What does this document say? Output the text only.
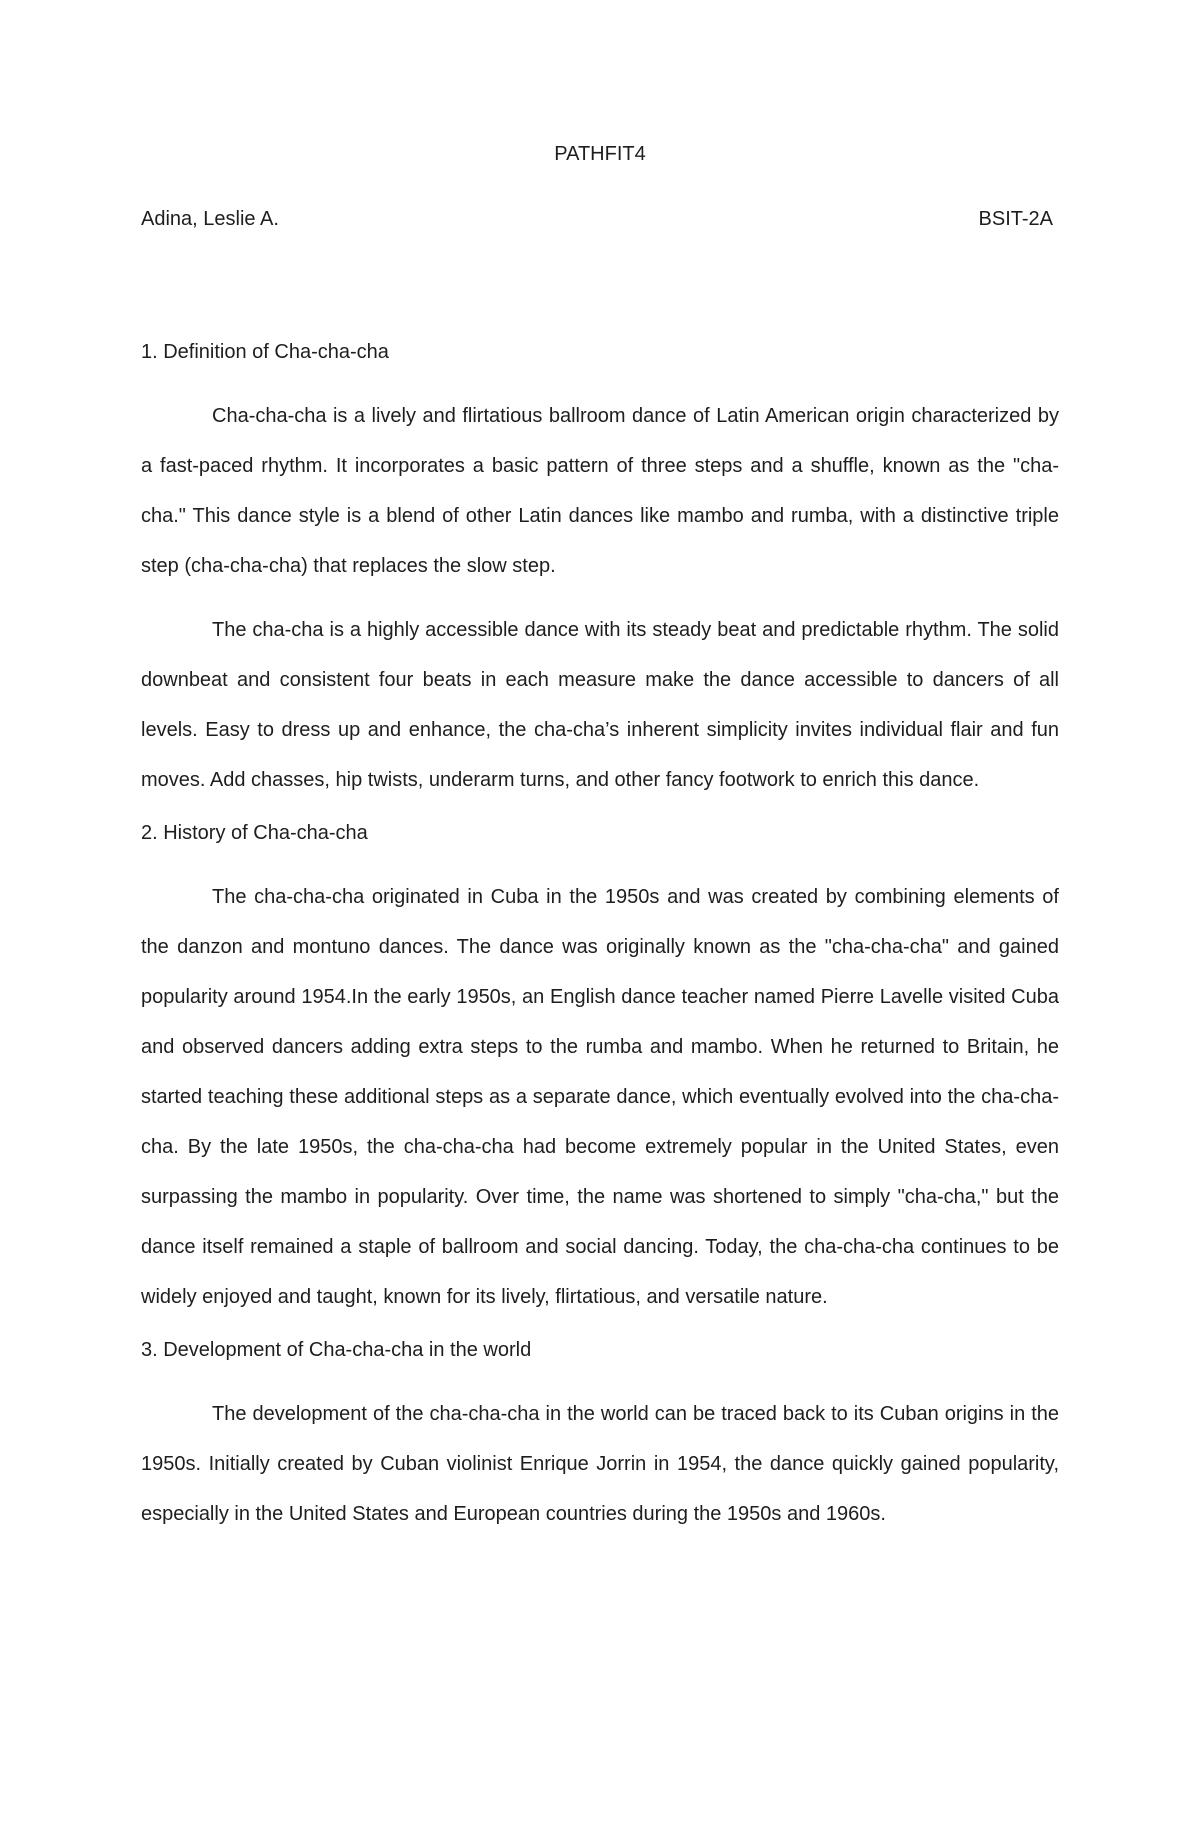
PATHFIT4
Adina, Leslie A.	BSIT-2A
1. Definition of Cha-cha-cha

Cha-cha-cha is a lively and flirtatious ballroom dance of Latin American origin characterized by a fast-paced rhythm. It incorporates a basic pattern of three steps and a shuffle, known as the "cha-cha." This dance style is a blend of other Latin dances like mambo and rumba, with a distinctive triple step (cha-cha-cha) that replaces the slow step.

The cha-cha is a highly accessible dance with its steady beat and predictable rhythm. The solid downbeat and consistent four beats in each measure make the dance accessible to dancers of all levels. Easy to dress up and enhance, the cha-cha’s inherent simplicity invites individual flair and fun moves. Add chasses, hip twists, underarm turns, and other fancy footwork to enrich this dance.

2. History of Cha-cha-cha

The cha-cha-cha originated in Cuba in the 1950s and was created by combining elements of the danzon and montuno dances. The dance was originally known as the "cha-cha-cha" and gained popularity around 1954.In the early 1950s, an English dance teacher named Pierre Lavelle visited Cuba and observed dancers adding extra steps to the rumba and mambo. When he returned to Britain, he started teaching these additional steps as a separate dance, which eventually evolved into the cha-cha-cha. By the late 1950s, the cha-cha-cha had become extremely popular in the United States, even surpassing the mambo in popularity. Over time, the name was shortened to simply "cha-cha," but the dance itself remained a staple of ballroom and social dancing. Today, the cha-cha-cha continues to be widely enjoyed and taught, known for its lively, flirtatious, and versatile nature.

3. Development of Cha-cha-cha in the world

The development of the cha-cha-cha in the world can be traced back to its Cuban origins in the 1950s. Initially created by Cuban violinist Enrique Jorrin in 1954, the dance quickly gained popularity, especially in the United States and European countries during the 1950s and 1960s.
